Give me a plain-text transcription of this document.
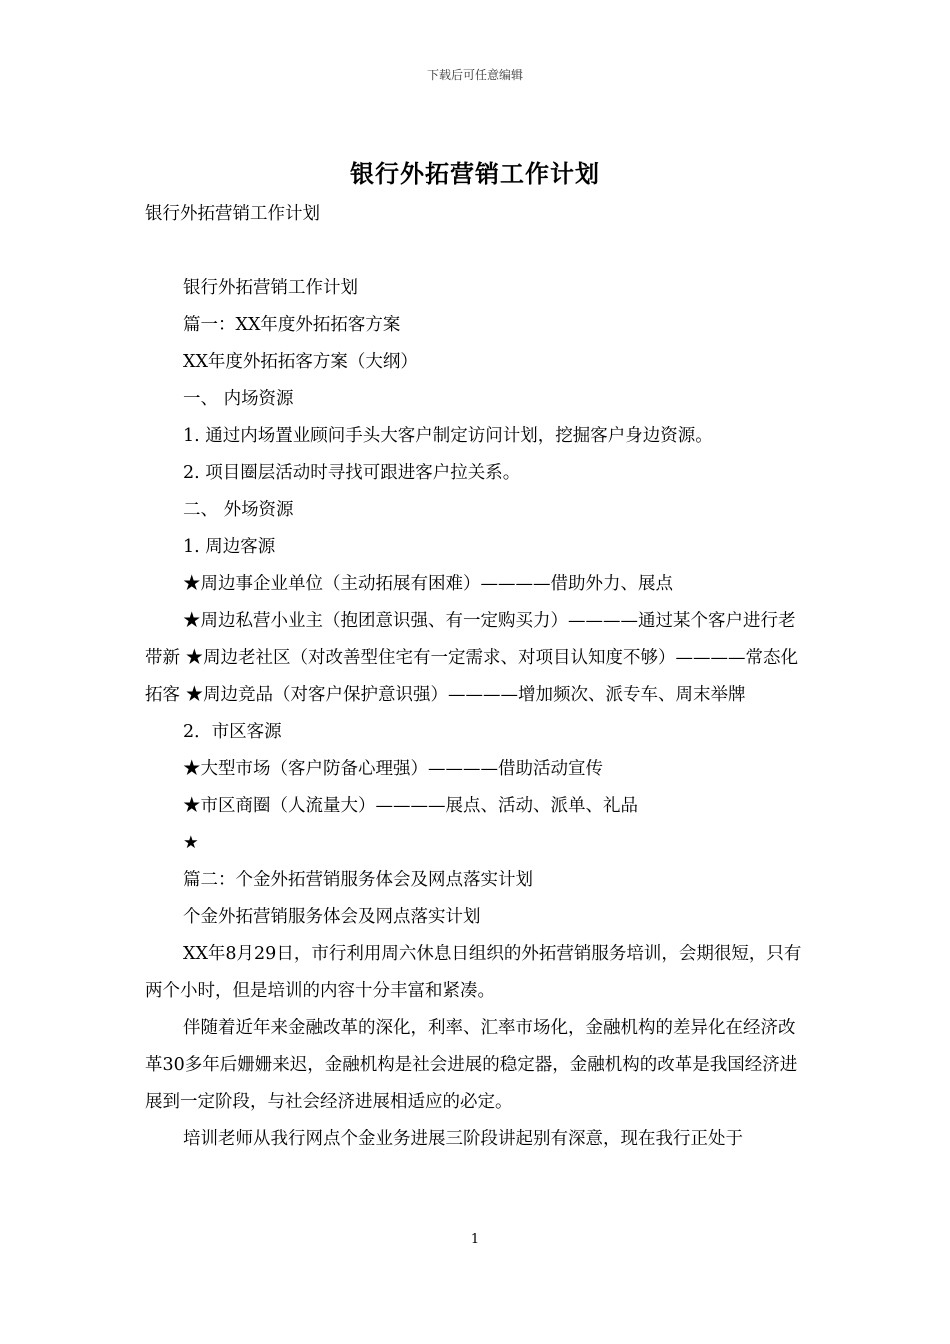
下载后可任意编辑
银行外拓营销工作计划

银行外拓营销工作计划

银行外拓营销工作计划

篇一：XX年度外拓拓客方案

XX年度外拓拓客方案（大纲）

一、 内场资源

1. 通过内场置业顾问手头大客户制定访问计划，挖掘客户身边资源。

2. 项目圈层活动时寻找可跟进客户拉关系。

二、 外场资源

1. 周边客源

★周边事企业单位（主动拓展有困难）————借助外力、展点

★周边私营小业主（抱团意识强、有一定购买力）————通过某个客户进行老带新 ★周边老社区（对改善型住宅有一定需求、对项目认知度不够）————常态化拓客 ★周边竞品（对客户保护意识强）————增加频次、派专车、周末举牌

2．市区客源

★大型市场（客户防备心理强）————借助活动宣传

★市区商圈（人流量大）————展点、活动、派单、礼品

★

篇二：个金外拓营销服务体会及网点落实计划

个金外拓营销服务体会及网点落实计划

XX年8月29日，市行利用周六休息日组织的外拓营销服务培训，会期很短，只有两个小时，但是培训的内容十分丰富和紧凑。

伴随着近年来金融改革的深化，利率、汇率市场化，金融机构的差异化在经济改革30多年后姗姗来迟，金融机构是社会进展的稳定器，金融机构的改革是我国经济进展到一定阶段，与社会经济进展相适应的必定。

培训老师从我行网点个金业务进展三阶段讲起别有深意，现在我行正处于

1
